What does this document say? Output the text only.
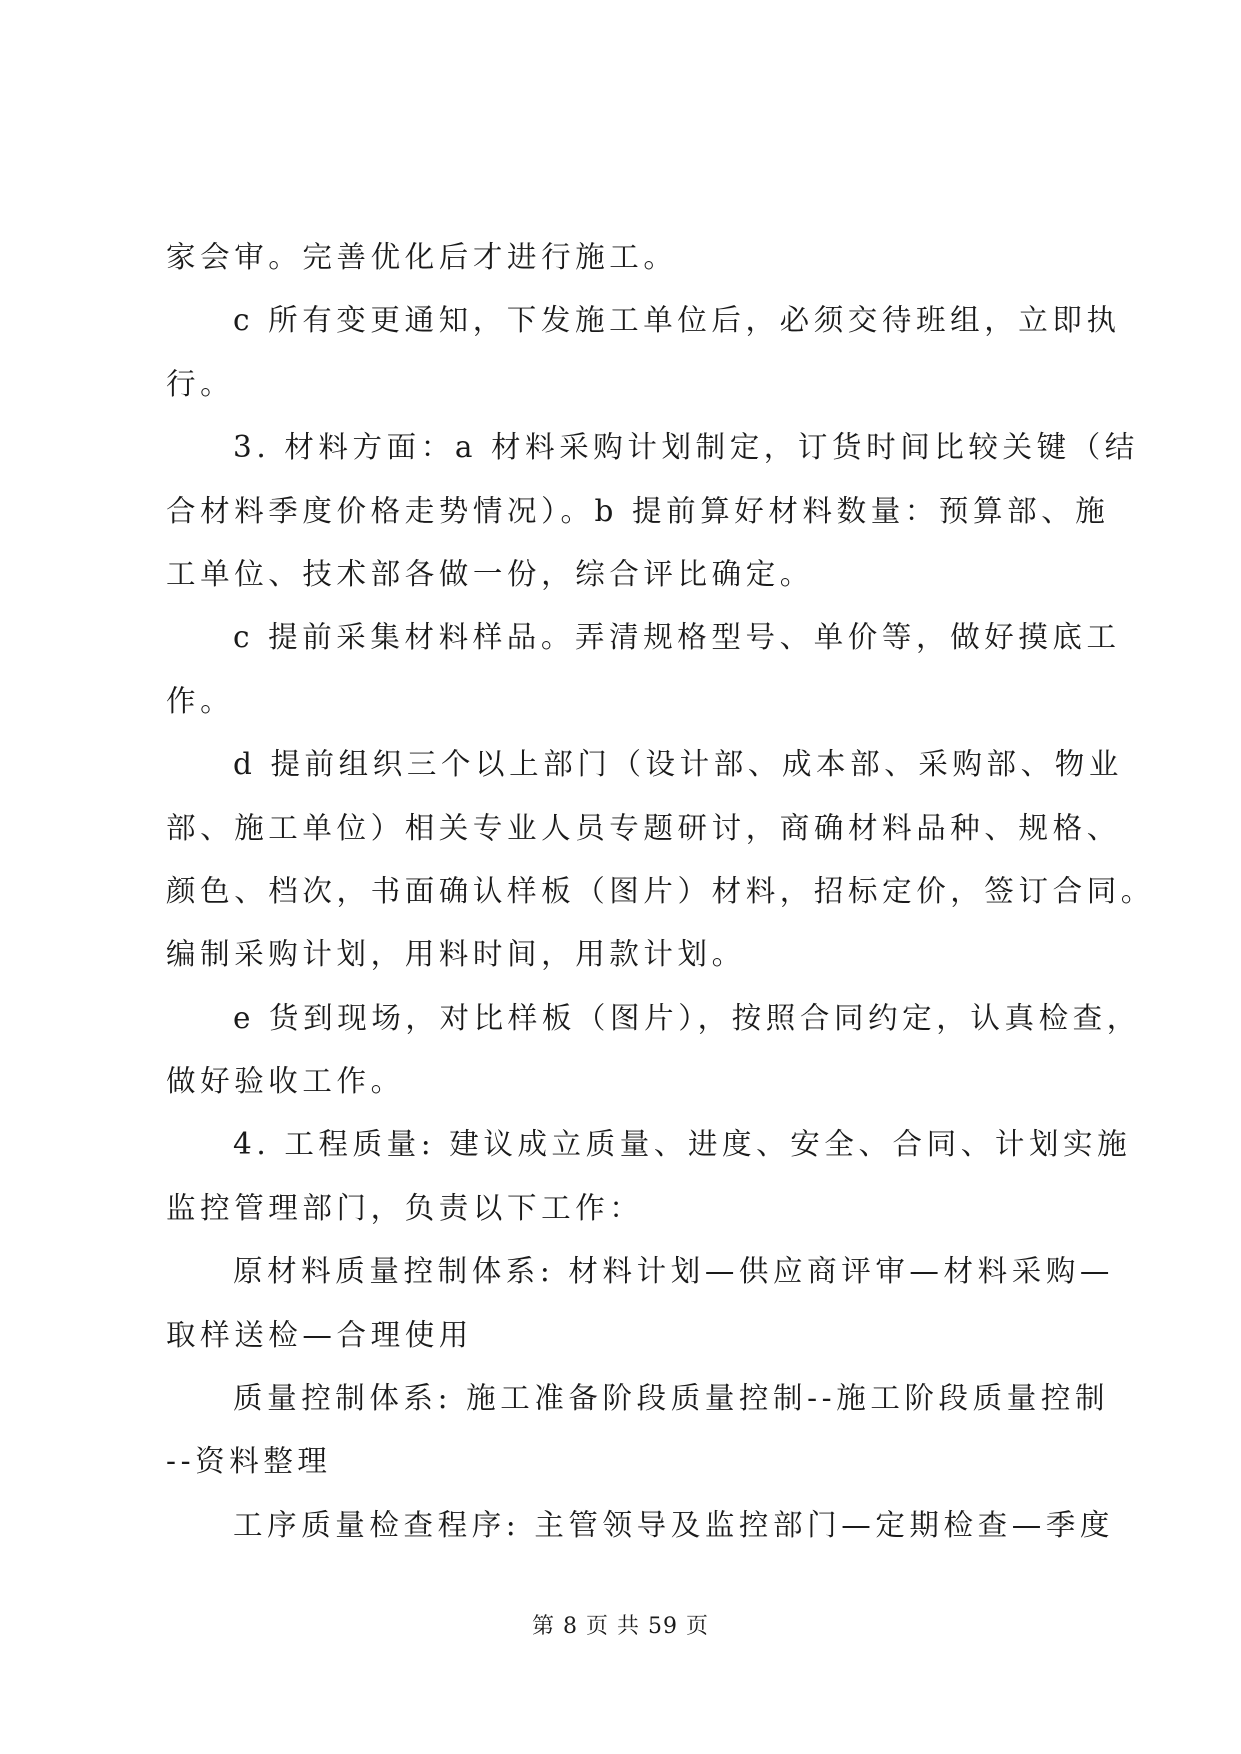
家会审。完善优化后才进行施工。
c 所有变更通知，下发施工单位后，必须交待班组，立即执
行。
3. 材料方面：a 材料采购计划制定，订货时间比较关键（结
合材料季度价格走势情况）。b 提前算好材料数量：预算部、施
工单位、技术部各做一份，综合评比确定。
c 提前采集材料样品。弄清规格型号、单价等，做好摸底工
作。
d 提前组织三个以上部门（设计部、成本部、采购部、物业
部、施工单位）相关专业人员专题研讨，商确材料品种、规格、
颜色、档次，书面确认样板（图片）材料，招标定价，签订合同。
编制采购计划，用料时间，用款计划。
e 货到现场，对比样板（图片），按照合同约定，认真检查，
做好验收工作。
4. 工程质量: 建议成立质量、进度、安全、合同、计划实施
监控管理部门，负责以下工作：
原材料质量控制体系: 材料计划—供应商评审—材料采购—
取样送检—合理使用
质量控制体系: 施工准备阶段质量控制--施工阶段质量控制
--资料整理
工序质量检查程序: 主管领导及监控部门—定期检查—季度
第 8 页 共 59 页
